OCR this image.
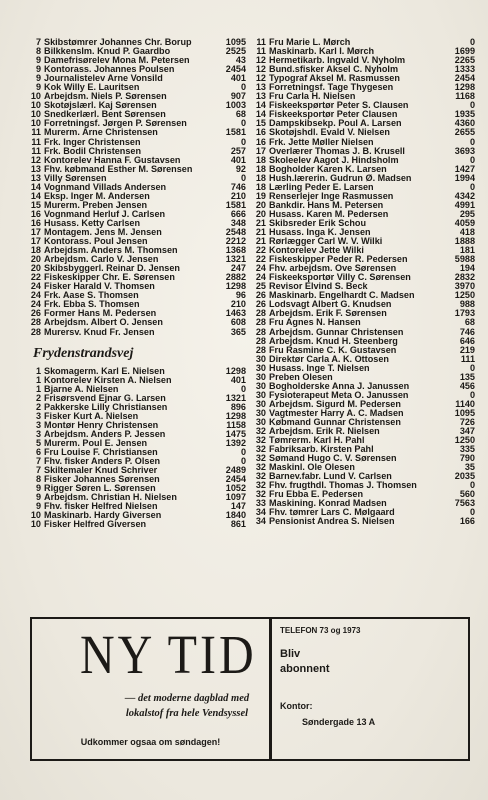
7 Skibstømrer Johannes Chr. Borup	1095
8 Bilkkenslm. Knud P. Gaardbo	2525
9 Damefrisørelev Mona M. Petersen	43
9 Kontorass. Johannes Poulsen	2454
9 Journalistelev Arne Vonsild	401
9 Kok Willy E. Lauritsen	0
10 Arbejdsm. Niels P. Sørensen	907
10 Skotøjslærl. Kaj Sørensen	1003
10 Snedkerlærl. Bent Sørensen	68
10 Forretningsf. Jørgen P. Sørensen	0
11 Murerm. Arne Christensen	1581
11 Frk. Inger Christensen	0
11 Frk. Bodil Christensen	257
12 Kontorelev Hanna F. Gustavsen	401
13 Fhv. købmand Esther M. Sørensen	92
13 Villy Sørensen	0
14 Vognmand Villads Andersen	746
14 Eksp. Inger M. Andersen	210
15 Murerm. Preben Jensen	1581
16 Vognmand Herluf J. Carlsen	666
16 Husass. Ketty Carlsen	348
17 Montagem. Jens M. Jensen	2548
17 Kontorass. Poul Jensen	2212
18 Arbejdsm. Anders M. Thomsen	1368
20 Arbejdsm. Carlo V. Jensen	1321
20 Skibsbyggerl. Reinar D. Jensen	247
22 Fiskeskipper Chr. E. Sørensen	2882
24 Fisker Harald V. Thomsen	1298
24 Frk. Aase S. Thomsen	96
24 Frk. Ebba S. Thomsen	210
26 Former Hans M. Pedersen	1463
28 Arbejdsm. Albert O. Jensen	608
28 Murersv. Knud Fr. Jensen	365
Frydenstrandsvej
1 Skomagerm. Karl E. Nielsen	1298
1 Kontorelev Kirsten A. Nielsen	401
1 Bjarne A. Nielsen	0
2 Frisørsvend Ejnar G. Larsen	1321
2 Pakkerske Lilly Christiansen	896
3 Fisker Kurt A. Nielsen	1298
3 Montør Henry Christensen	1158
3 Arbejdsm. Anders P. Jessen	1475
5 Murerm. Poul E. Jensen	1392
6 Fru Louise F. Christiansen	0
7 Fhv. fisker Anders P. Olsen	0
7 Skiltemaler Knud Schriver	2489
8 Fisker Johannes Sørensen	2454
9 Rigger Søren L. Sørensen	1052
9 Arbejdsm. Christian H. Nielsen	1097
9 Fhv. fisker Helfred Nielsen	147
10 Maskinarb. Hardy Giversen	1840
10 Fisker Helfred Giversen	861
11 Fru Marie L. Mørch	0
11 Maskinarb. Karl I. Mørch	1699
12 Hermetikarb. Ingvald V. Nyholm	2265
12 Bund.sfisker Aksel C. Nyholm	1333
12 Typograf Aksel M. Rasmussen	2454
13 Forretningsf. Tage Thygesen	1298
13 Fru Carla H. Nielsen	1168
14 Fiskeekspørtør Peter S. Clausen	0
14 Fiskeeksportør Peter Clausen	1935
15 Dampskibsekp. Poul A. Larsen	4360
16 Skotøjshdl. Evald V. Nielsen	2655
16 Frk. Jette Møller Nielsen	0
17 Overlærer Thomas J. B. Krusell	3693
18 Skoleelev Aagot J. Hindsholm	0
18 Bogholder Karen K. Larsen	1427
18 Hush.lærerin. Gudrun Ø. Madsen	1994
18 Lærling Peder E. Larsen	0
19 Renserlejer Inge Rasmussen	4342
20 Bankdir. Hans M. Petersen	4991
20 Husass. Karen M. Pedersen	295
21 Skibsreder Erik Schou	4059
21 Husass. Inga K. Jensen	418
21 Rørlægger Carl W. V. Wilki	1888
22 Kontorelev Jette Wilki	181
22 Fiskeskipper Peder R. Pedersen	5988
24 Fhv. arbejdsm. Ove Sørensen	194
24 Fiskeeksportør Villy C. Sørensen	2832
25 Revisor Elvind S. Beck	3970
26 Maskinarb. Engelhardt C. Madsen	1250
26 Lodsvagt Albert G. Knudsen	988
28 Arbejdsm. Erik F. Sørensen	1793
28 Fru Agnes N. Hansen	68
28 Arbejdsm. Gunnar Christensen	746
28 Arbejdsm. Knud H. Steenberg	646
28 Fru Rasmine C. K. Gustavsen	219
30 Direktør Carla A. K. Ottosen	111
30 Husass. Inge T. Nielsen	0
30 Preben Olesen	135
30 Bogholderske Anna J. Janussen	456
30 Fysioterapeut Meta O. Janussen	0
30 Arbejdsm. Sigurd M. Pedersen	1140
30 Vagtmester Harry A. C. Madsen	1095
30 Købmand Gunnar Christensen	726
32 Arbejdsm. Erik R. Nielsen	347
32 Tømrerm. Karl H. Pahl	1250
32 Fabriksarb. Kirsten Pahl	335
32 Sømand Hugo C. V. Sørensen	790
32 Maskinl. Ole Olesen	35
32 Barnev.fabr. Lund V. Carlsen	2035
32 Fhv. frugthdl. Thomas J. Thomsen	0
32 Fru Ebba E. Pedersen	560
33 Maskining. Konrad Madsen	7563
34 Fhv. tømrer Lars C. Mølgaard	0
34 Pensionist Andrea S. Nielsen	166
NY TID
— det moderne dagblad med lokalstof fra hele Vendsyssel
Udkommer ogsaa om søndagen!
TELEFON 73 og 1973
Bliv
abonnent
Kontor:
Søndergade 13 A
